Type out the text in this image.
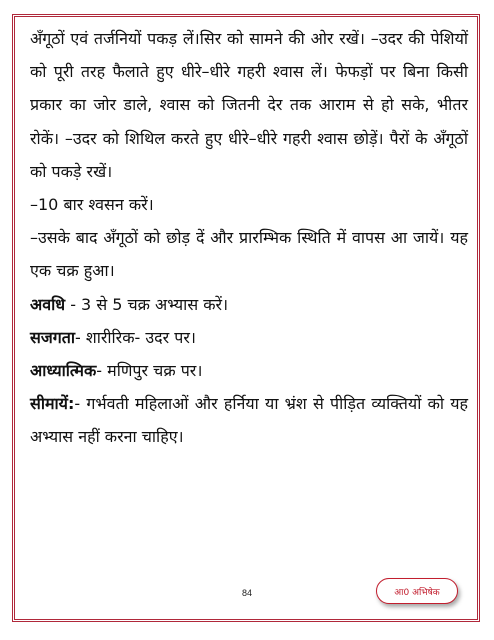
अँगूठों एवं तर्जनियों पकड़ लें।सिर को सामने की ओर रखें। –उदर की पेशियों को पूरी तरह फैलाते हुए धीरे–धीरे गहरी श्वास लें। फेफड़ों पर बिना किसी प्रकार का जोर डाले, श्वास को जितनी देर तक आराम से हो सके, भीतर रोकें। –उदर को शिथिल करते हुए धीरे–धीरे गहरी श्वास छोड़ें। पैरों के अँगूठों को पकड़े रखें।

–10 बार श्वसन करें।

–उसके बाद अँगूठों को छोड़ दें और प्रारम्भिक स्थिति में वापस आ जायें। यह एक चक्र हुआ।

अवधि - 3 से 5 चक्र अभ्यास करें।

सजगता- शारीरिक- उदर पर।

आध्यात्मिक- मणिपुर चक्र पर।

सीमायें:- गर्भवती महिलाओं और हर्निया या भ्रंश से पीड़ित व्यक्तियों को यह अभ्यास नहीं करना चाहिए।

84	आ0 अभिषेक
